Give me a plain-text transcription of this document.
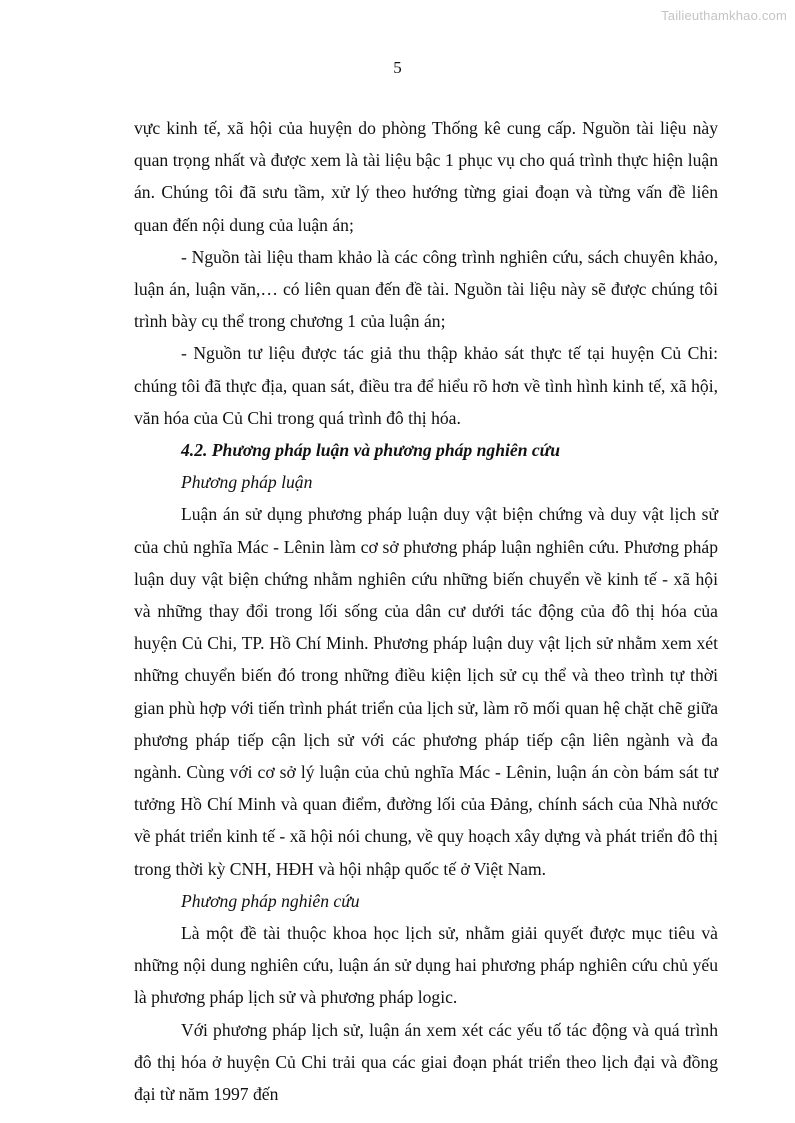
Tailieuthamkhao.com
5

vực kinh tế, xã hội của huyện do phòng Thống kê cung cấp. Nguồn tài liệu này quan trọng nhất và được xem là tài liệu bậc 1 phục vụ cho quá trình thực hiện luận án. Chúng tôi đã sưu tầm, xử lý theo hướng từng giai đoạn và từng vấn đề liên quan đến nội dung của luận án;

- Nguồn tài liệu tham khảo là các công trình nghiên cứu, sách chuyên khảo, luận án, luận văn,… có liên quan đến đề tài. Nguồn tài liệu này sẽ được chúng tôi trình bày cụ thể trong chương 1 của luận án;

- Nguồn tư liệu được tác giả thu thập khảo sát thực tế tại huyện Củ Chi: chúng tôi đã thực địa, quan sát, điều tra để hiểu rõ hơn về tình hình kinh tế, xã hội, văn hóa của Củ Chi trong quá trình đô thị hóa.

4.2. Phương pháp luận và phương pháp nghiên cứu

Phương pháp luận

Luận án sử dụng phương pháp luận duy vật biện chứng và duy vật lịch sử của chủ nghĩa Mác - Lênin làm cơ sở phương pháp luận nghiên cứu. Phương pháp luận duy vật biện chứng nhằm nghiên cứu những biến chuyển về kinh tế - xã hội và những thay đổi trong lối sống của dân cư dưới tác động của đô thị hóa của huyện Củ Chi, TP. Hồ Chí Minh. Phương pháp luận duy vật lịch sử nhằm xem xét những chuyển biến đó trong những điều kiện lịch sử cụ thể và theo trình tự thời gian phù hợp với tiến trình phát triển của lịch sử, làm rõ mối quan hệ chặt chẽ giữa phương pháp tiếp cận lịch sử với các phương pháp tiếp cận liên ngành và đa ngành. Cùng với cơ sở lý luận của chủ nghĩa Mác - Lênin, luận án còn bám sát tư tưởng Hồ Chí Minh và quan điểm, đường lối của Đảng, chính sách của Nhà nước về phát triển kinh tế - xã hội nói chung, về quy hoạch xây dựng và phát triển đô thị trong thời kỳ CNH, HĐH và hội nhập quốc tế ở Việt Nam.

Phương pháp nghiên cứu

Là một đề tài thuộc khoa học lịch sử, nhằm giải quyết được mục tiêu và những nội dung nghiên cứu, luận án sử dụng hai phương pháp nghiên cứu chủ yếu là phương pháp lịch sử và phương pháp logic.

Với phương pháp lịch sử, luận án xem xét các yếu tố tác động và quá trình đô thị hóa ở huyện Củ Chi trải qua các giai đoạn phát triển theo lịch đại và đồng đại từ năm 1997 đến
